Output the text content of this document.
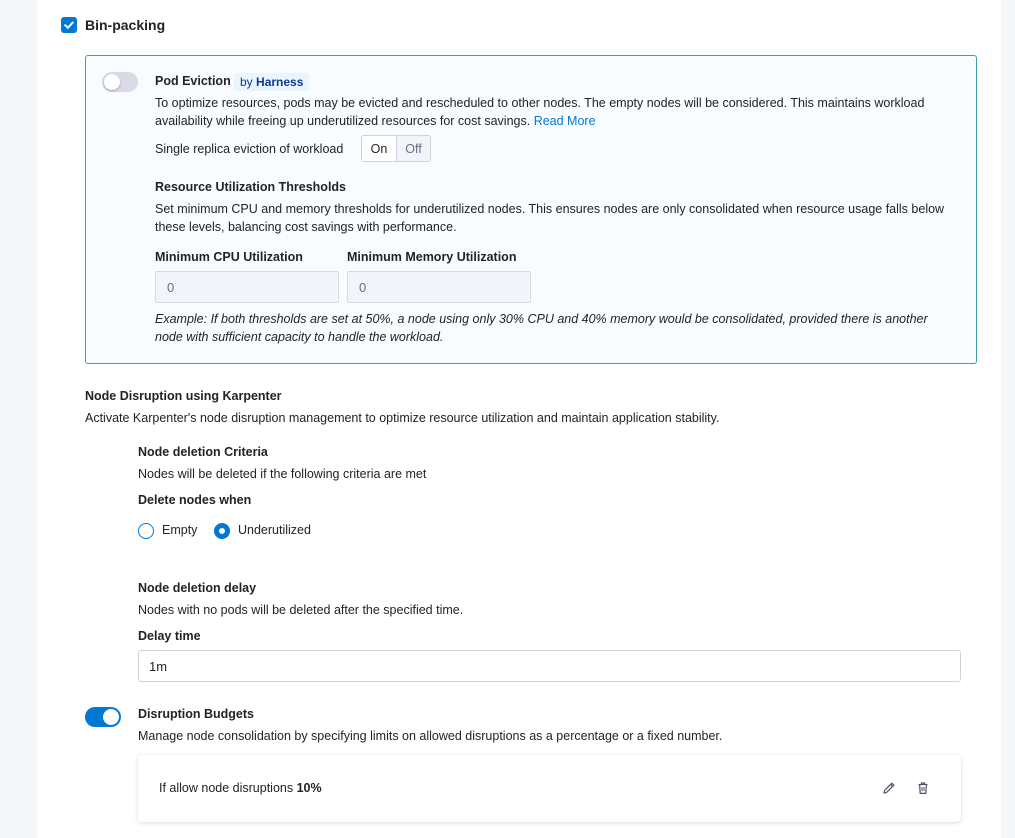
Bin-packing
Pod Eviction by Harness
To optimize resources, pods may be evicted and rescheduled to other nodes. The empty nodes will be considered. This maintains workload availability while freeing up underutilized resources for cost savings. Read More
Single replica eviction of workload	On	Off
Resource Utilization Thresholds
Set minimum CPU and memory thresholds for underutilized nodes. This ensures nodes are only consolidated when resource usage falls below these levels, balancing cost savings with performance.
Minimum CPU Utilization	Minimum Memory Utilization
0	0
Example: If both thresholds are set at 50%, a node using only 30% CPU and 40% memory would be consolidated, provided there is another node with sufficient capacity to handle the workload.
Node Disruption using Karpenter
Activate Karpenter's node disruption management to optimize resource utilization and maintain application stability.
Node deletion Criteria
Nodes will be deleted if the following criteria are met
Delete nodes when
Empty	Underutilized
Node deletion delay
Nodes with no pods will be deleted after the specified time.
Delay time
1m
Disruption Budgets
Manage node consolidation by specifying limits on allowed disruptions as a percentage or a fixed number.
If allow node disruptions 10%
